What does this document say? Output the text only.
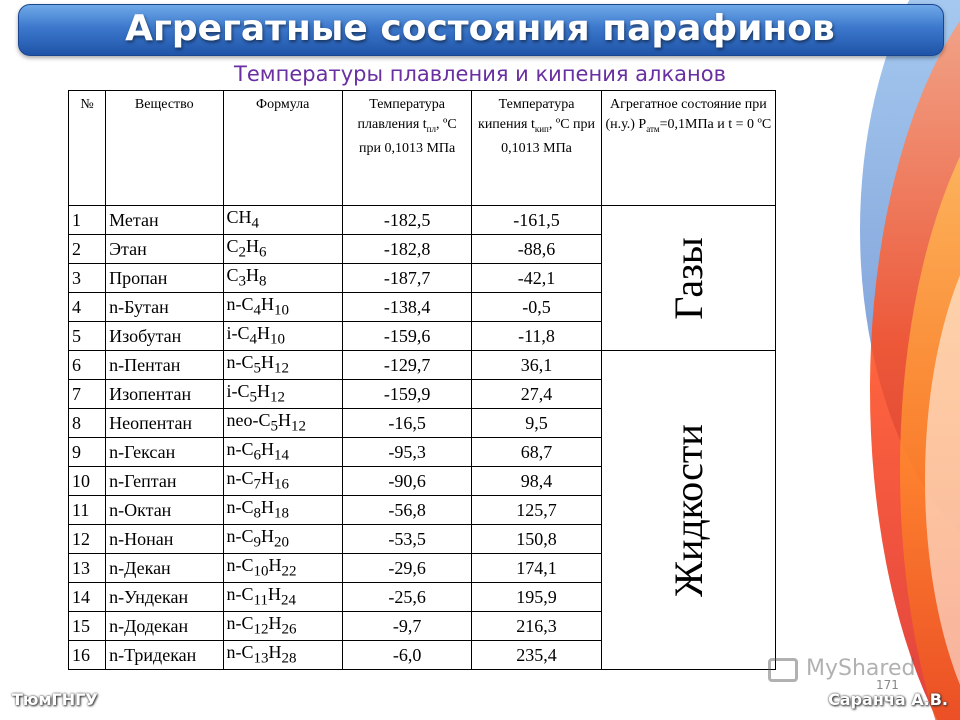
Агрегатные состояния парафинов
Температуры плавления и кипения алканов
№	Вещество	Формула	Температура плавления $t_{пл}$, ºС при 0,1013 МПа	Температура кипения $t_{кип}$, ºС при 0,1013 МПа	Агрегатное состояние при (н.у.) $Р_{атм}=0,1МПа$ и t = 0 ºС
1	Метан	$CH_4$	-182,5	-161,5	Газы
2	Этан	$C_2H_6$	-182,8	-88,6	
3	Пропан	$C_3H_8$	-187,7	-42,1	
4	n-Бутан	$n-C_4H_{10}$	-138,4	-0,5	
5	Изобутан	$i-C_4H_{10}$	-159,6	-11,8	
6	n-Пентан	$n-C_5H_{12}$	-129,7	36,1	Жидкости
7	Изопентан	$i-C_5H_{12}$	-159,9	27,4	
8	Неопентан	neo-$C_5H_{12}$	-16,5	9,5	
9	n-Гексан	$n-C_6H_{14}$	-95,3	68,7	
10	n-Гептан	$n-C_7H_{16}$	-90,6	98,4	
11	n-Октан	$n-C_8H_{18}$	-56,8	125,7	
12	n-Нонан	$n-C_9H_{20}$	-53,5	150,8	
13	n-Декан	$n-C_{10}H_{22}$	-29,6	174,1	
14	n-Ундекан	$n-C_{11}H_{24}$	-25,6	195,9	
15	n-Додекан	$n-C_{12}H_{26}$	-9,7	216,3	
16	n-Тридекан	$n-C_{13}H_{28}$	-6,0	235,4	
MyShared
171
ТюмГНГУ	Саранча А.В.
